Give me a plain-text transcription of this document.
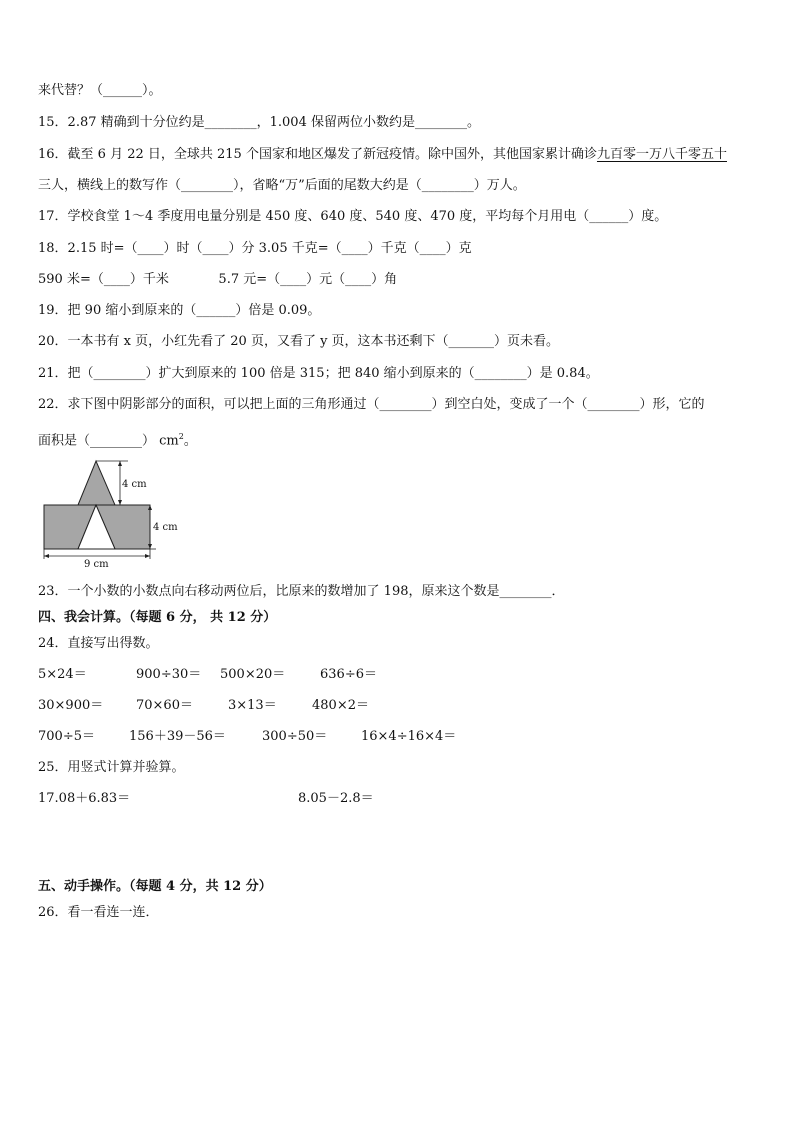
来代替？（______）。
15．2.87 精确到十分位约是________，1.004 保留两位小数约是________。
16．截至 6 月 22 日，全球共 215 个国家和地区爆发了新冠疫情。除中国外，其他国家累计确诊九百零一万八千零五十
三人，横线上的数写作（________），省略“万”后面的尾数大约是（________）万人。
17．学校食堂 1～4 季度用电量分别是 450 度、640 度、540 度、470 度，平均每个月用电（______）度。
18．2.15 时=（____）时（____）分 3.05 千克=（____）千克（____）克
590 米=（____）千米            5.7 元=（____）元（____）角
19．把 90 缩小到原来的（______）倍是 0.09。
20．一本书有 x 页，小红先看了 20 页，又看了 y 页，这本书还剩下（_______）页未看。
21．把（________）扩大到原来的 100 倍是 315；把 840 缩小到原来的（________）是 0.84。
22．求下图中阴影部分的面积，可以把上面的三角形通过（________）到空白处，变成了一个（________）形，它的
面积是（________） $cm^2$。
4 cm
4 cm
9 cm
23．一个小数的小数点向右移动两位后，比原来的数增加了 198，原来这个数是________．
四、我会计算。（每题 6 分， 共 12 分）
24．直接写出得数。
5×24＝	900÷30＝ 500×20＝	636÷6＝
30×900＝	70×60＝	3×13＝	480×2＝
700÷5＝	156＋39－56＝	300÷50＝	16×4÷16×4＝
25．用竖式计算并验算。
17.08＋6.83＝	8.05－2.8＝
五、动手操作。（每题 4 分，共 12 分）
26．看一看连一连．
